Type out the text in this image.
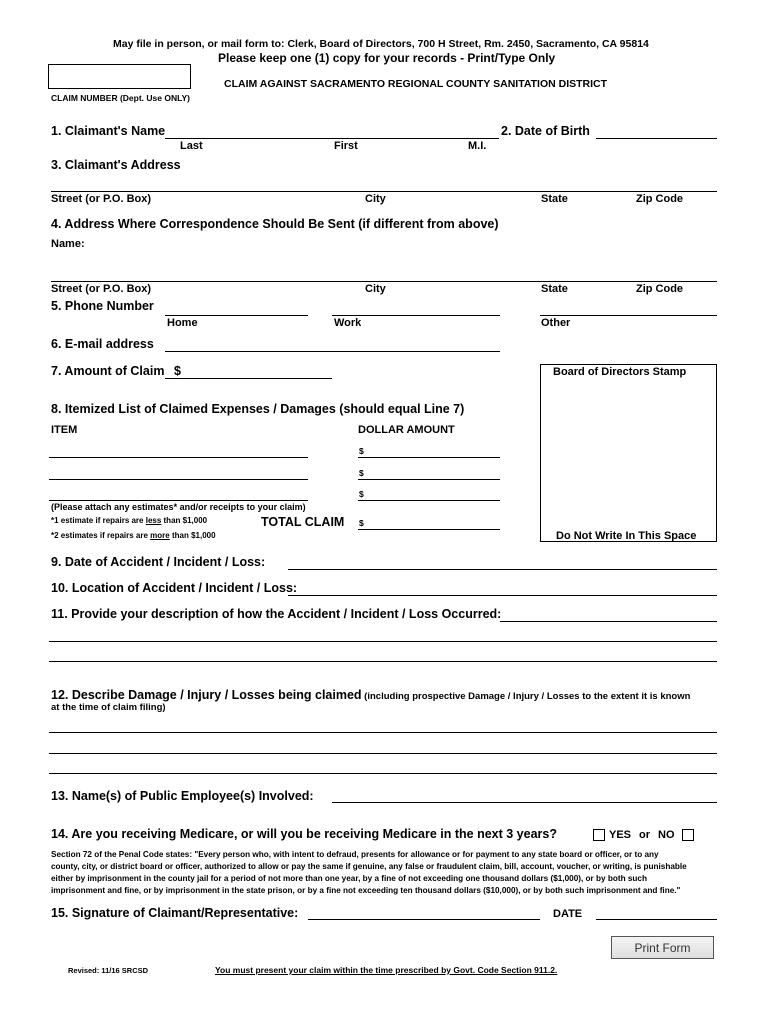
May file in person, or mail form to: Clerk, Board of Directors, 700 H Street, Rm. 2450, Sacramento, CA 95814
Please keep one (1) copy for your records - Print/Type Only
CLAIM AGAINST SACRAMENTO REGIONAL COUNTY SANITATION DISTRICT
CLAIM NUMBER (Dept. Use ONLY)
1. Claimant's Name
Last	First	M.I.
2. Date of Birth
3. Claimant's Address
Street (or P.O. Box)	City	State	Zip Code
4. Address Where Correspondence Should Be Sent (if different from above)
Name:
Street (or P.O. Box)	City	State	Zip Code
5. Phone Number
Home	Work	Other
6. E-mail address
7. Amount of Claim $	Board of Directors Stamp
Do Not Write In This Space
8. Itemized List of Claimed Expenses / Damages (should equal Line 7)
ITEM	DOLLAR AMOUNT
$
$
$
(Please attach any estimates* and/or receipts to your claim)
*1 estimate if repairs are less than $1,000
*2 estimates if repairs are more than $1,000
TOTAL CLAIM $
9. Date of Accident / Incident / Loss:
10. Location of Accident / Incident / Loss:
11. Provide your description of how the Accident / Incident / Loss Occurred:
12. Describe Damage / Injury / Losses being claimed (including prospective Damage / Injury / Losses to the extent it is known
at the time of claim filing)
13. Name(s) of Public Employee(s) Involved:
14. Are you receiving Medicare, or will you be receiving Medicare in the next 3 years?	YES or NO
Section 72 of the Penal Code states: "Every person who, with intent to defraud, presents for allowance or for payment to any state board or officer, or to any
county, city, or district board or officer, authorized to allow or pay the same if genuine, any false or fraudulent claim, bill, account, voucher, or writing, is punishable
either by imprisonment in the county jail for a period of not more than one year, by a fine of not exceeding one thousand dollars ($1,000), or by both such
imprisonment and fine, or by imprisonment in the state prison, or by a fine not exceeding ten thousand dollars ($10,000), or by both such imprisonment and fine."
15. Signature of Claimant/Representative:	DATE
Print Form
Revised: 11/16 SRCSD	You must present your claim within the time prescribed by Govt. Code Section 911.2.
